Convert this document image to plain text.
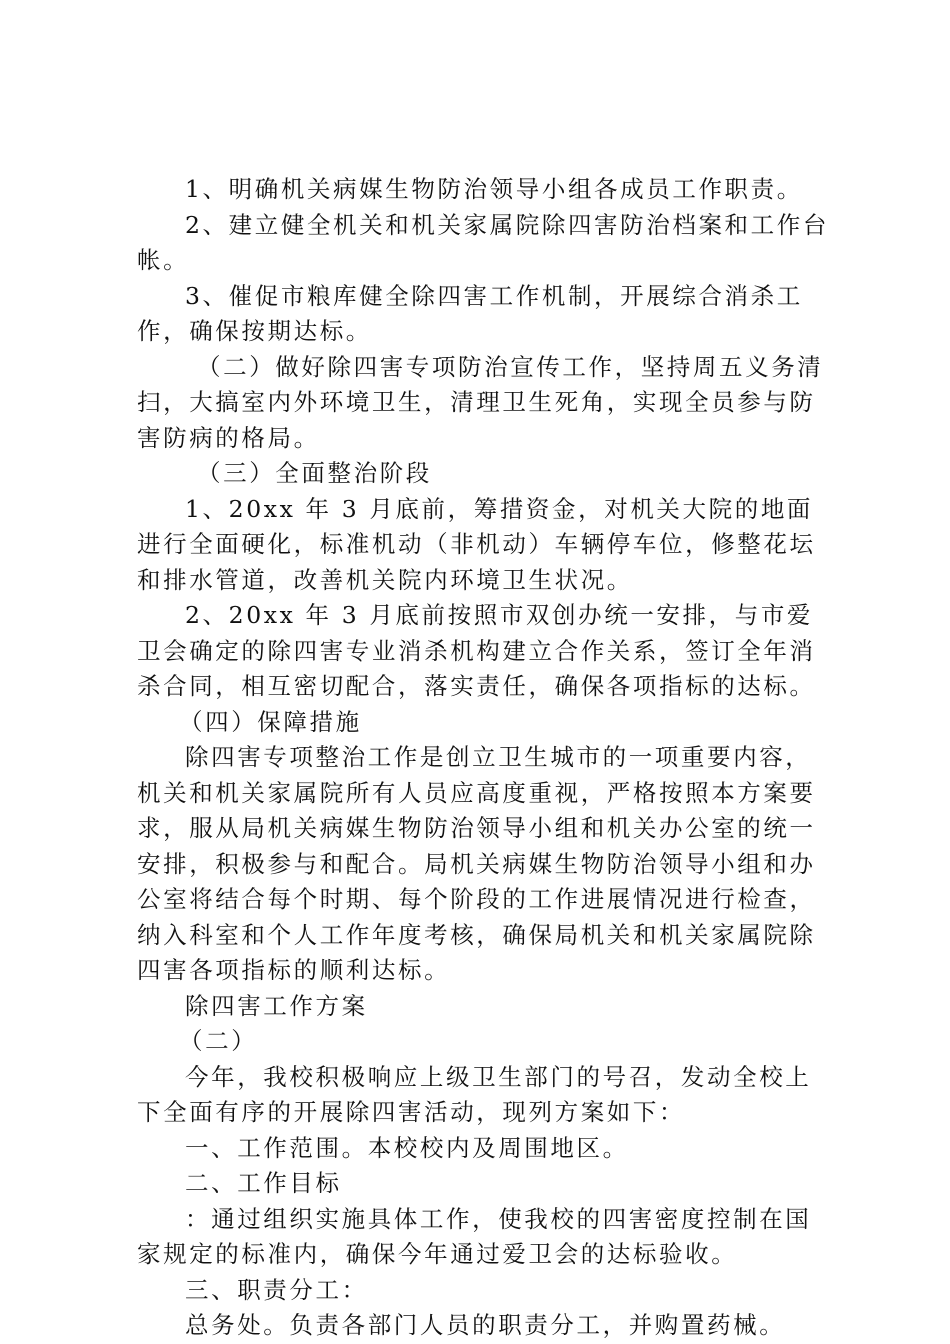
1、明确机关病媒生物防治领导小组各成员工作职责。

2、建立健全机关和机关家属院除四害防治档案和工作台帐。

3、催促市粮库健全除四害工作机制，开展综合消杀工作，确保按期达标。

（二）做好除四害专项防治宣传工作，坚持周五义务清扫，大搞室内外环境卫生，清理卫生死角，实现全员参与防害防病的格局。

（三）全面整治阶段

1、20xx 年 3 月底前，筹措资金，对机关大院的地面进行全面硬化，标准机动（非机动）车辆停车位，修整花坛和排水管道，改善机关院内环境卫生状况。

2、20xx 年 3 月底前按照市双创办统一安排，与市爱卫会确定的除四害专业消杀机构建立合作关系，签订全年消杀合同，相互密切配合，落实责任，确保各项指标的达标。

（四）保障措施

除四害专项整治工作是创立卫生城市的一项重要内容，机关和机关家属院所有人员应高度重视，严格按照本方案要求，服从局机关病媒生物防治领导小组和机关办公室的统一安排，积极参与和配合。局机关病媒生物防治领导小组和办公室将结合每个时期、每个阶段的工作进展情况进行检查，纳入科室和个人工作年度考核，确保局机关和机关家属院除四害各项指标的顺利达标。

除四害工作方案

（二）

今年，我校积极响应上级卫生部门的号召，发动全校上下全面有序的开展除四害活动，现列方案如下：

一、工作范围。本校校内及周围地区。

二、工作目标

：通过组织实施具体工作，使我校的四害密度控制在国家规定的标准内，确保今年通过爱卫会的达标验收。

三、职责分工：

总务处。负责各部门人员的职责分工，并购置药械。
